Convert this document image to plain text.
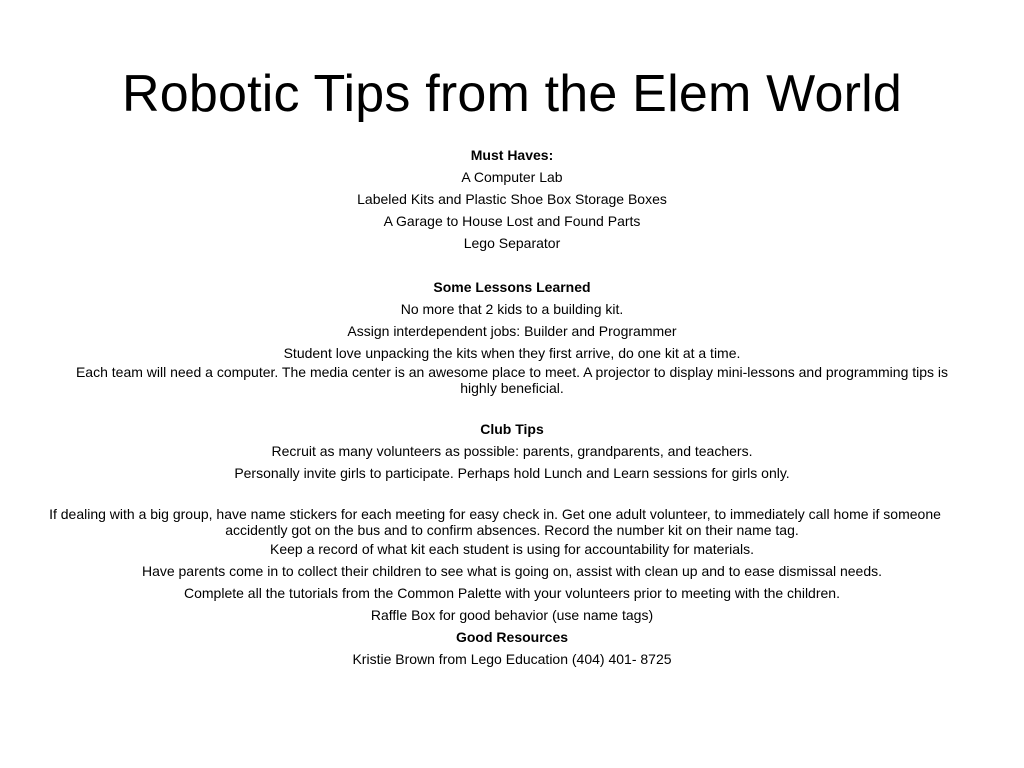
Robotic Tips from the Elem World

Must Haves:

A Computer Lab

Labeled Kits and Plastic Shoe Box Storage Boxes

A Garage to House Lost and Found Parts

Lego Separator

Some Lessons Learned

No more that 2 kids to a building kit.

Assign interdependent jobs: Builder and Programmer

Student love unpacking the kits when they first arrive, do one kit at a time.

Each team will need a computer. The media center is an awesome place to meet. A projector to display mini-lessons and programming tips is highly beneficial.

Club Tips

Recruit as many volunteers as possible: parents, grandparents, and teachers.

Personally invite girls to participate. Perhaps hold Lunch and Learn sessions for girls only.

If dealing with a big group, have name stickers for each meeting for easy check in. Get one adult volunteer, to immediately call home if someone accidently got on the bus and to confirm absences. Record the number kit on their name tag.

Keep a record of what kit each student is using for accountability for materials.

Have parents come in to collect their children to see what is going on, assist with clean up and to ease dismissal needs.

Complete all the tutorials from the Common Palette with your volunteers prior to meeting with the children.

Raffle Box for good behavior (use name tags)

Good Resources

Kristie Brown from Lego Education (404) 401- 8725
